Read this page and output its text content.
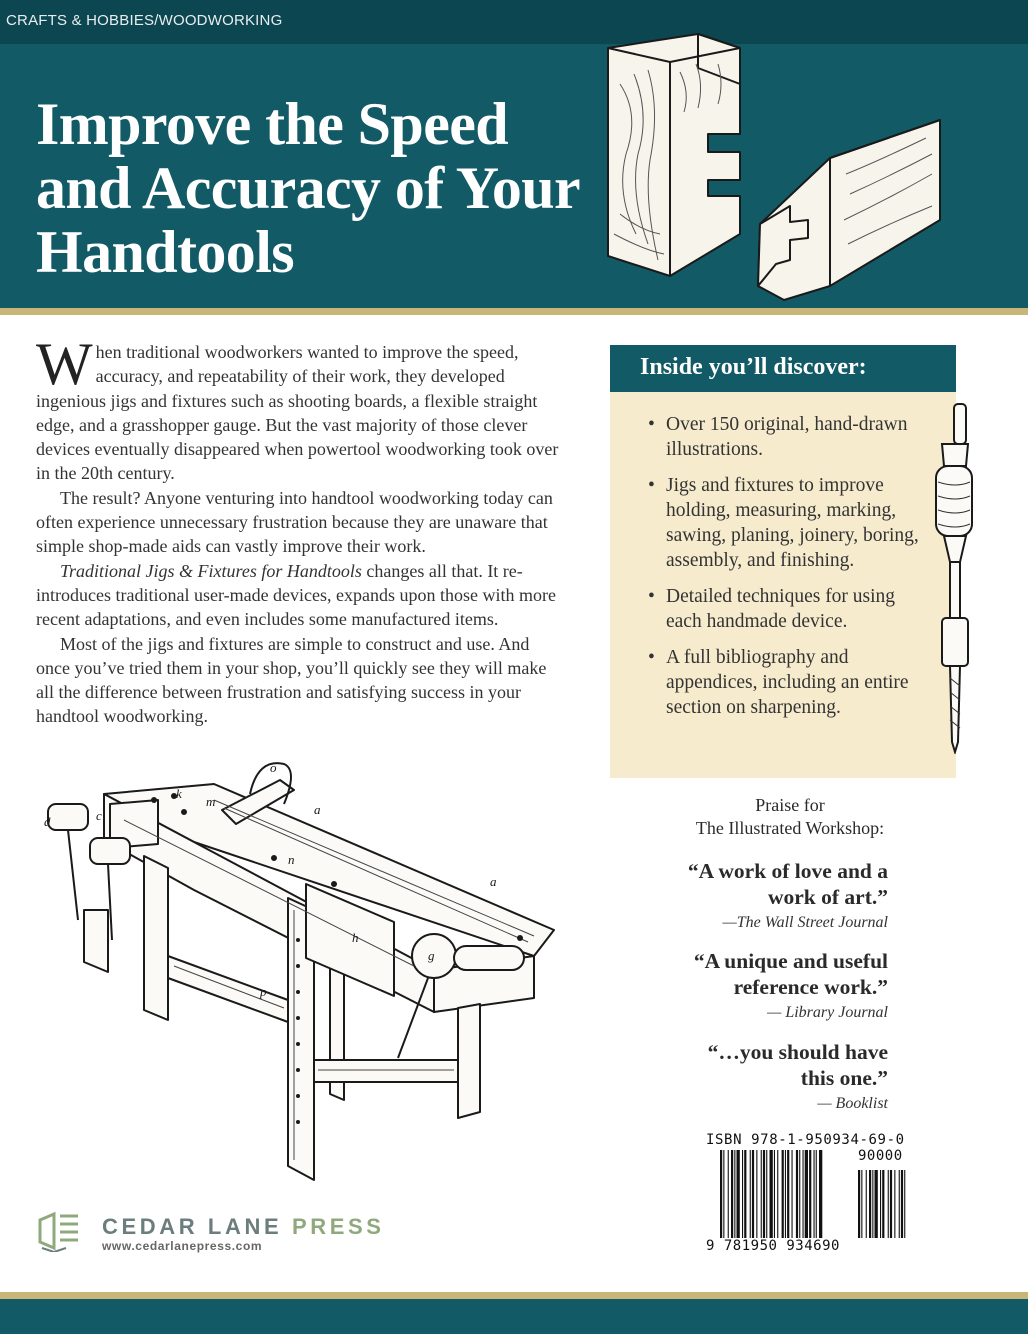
CRAFTS & HOBBIES/WOODWORKING
Improve the Speed
and Accuracy of Your
Handtools

When traditional woodworkers wanted to improve the speed, accuracy, and repeatability of their work, they developed ingenious jigs and fixtures such as shooting boards, a flexible straight edge, and a grasshopper gauge. But the vast majority of those clever devices eventually disappeared when powertool woodworking took over in the 20th century.

The result? Anyone venturing into handtool woodworking today can often experience unnecessary frustration because they are unaware that simple shop-made aids can vastly improve their work.

Traditional Jigs & Fixtures for Handtools changes all that. It re-introduces traditional user-made devices, expands upon those with more recent adaptations, and even includes some manufactured items.

Most of the jigs and fixtures are simple to construct and use. And once you’ve tried them in your shop, you’ll quickly see they will make all the difference between frustration and satisfying success in your handtool woodworking.

o
k
m
a
d	c
n
a
h
g
p
CEDAR LANE PRESS
www.cedarlanepress.com
Inside you’ll discover:
• Over 150 original, hand-drawn illustrations.
• Jigs and fixtures to improve holding, measuring, marking, sawing, planing, joinery, boring, assembly, and finishing.
• Detailed techniques for using each handmade device.
• A full bibliography and appendices, including an entire section on sharpening.
Praise for
The Illustrated Workshop:
“A work of love and a
work of art.”
—The Wall Street Journal
“A unique and useful
reference work.”
— Library Journal
“…you should have
this one.”
— Booklist
ISBN 978-1-950934-69-0
90000
9 781950 934690
